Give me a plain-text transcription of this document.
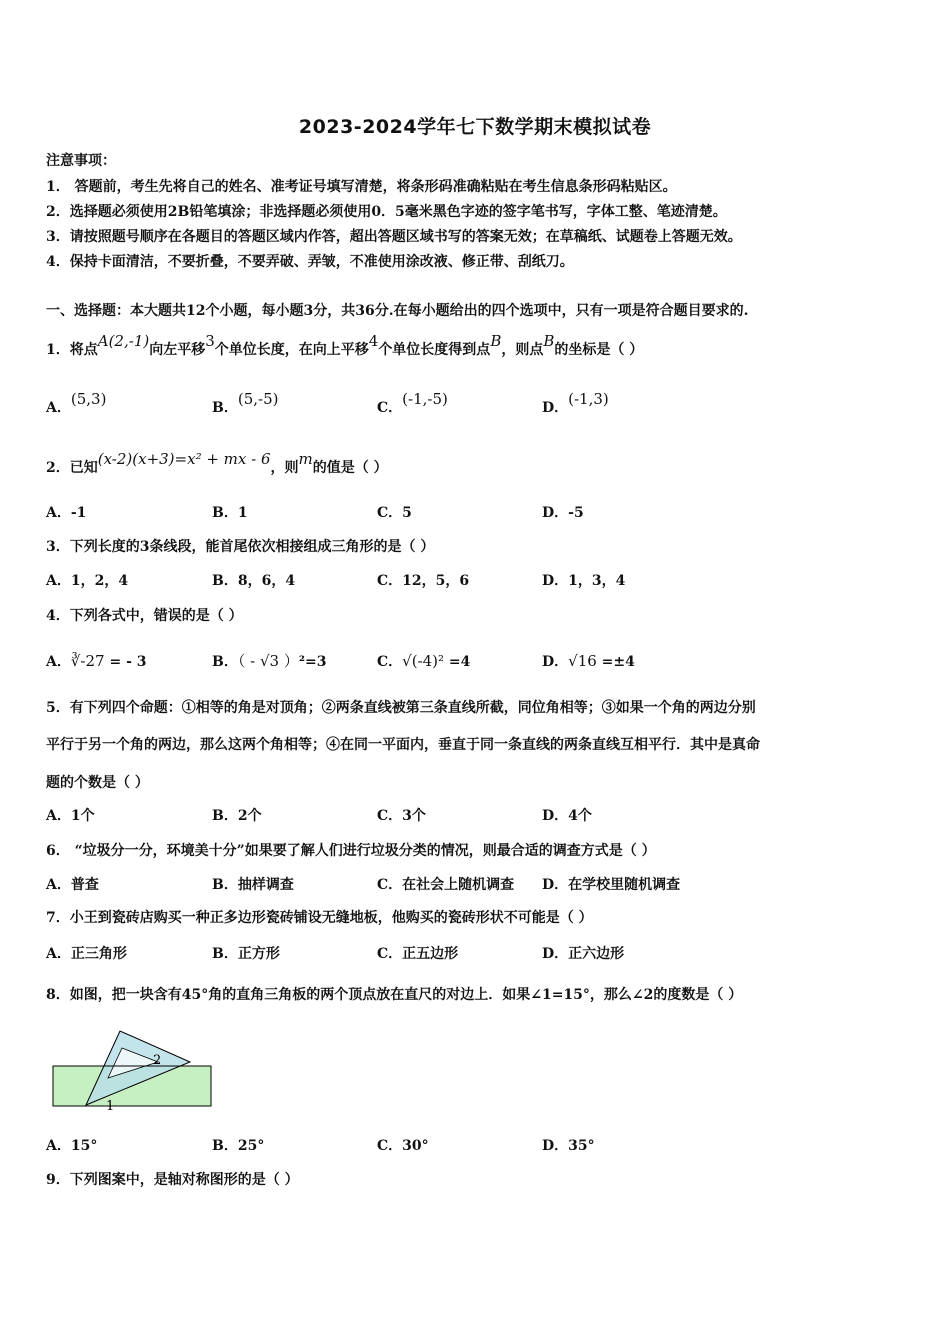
2023-2024学年七下数学期末模拟试卷
注意事项：
1． 答题前，考生先将自己的姓名、准考证号填写清楚，将条形码准确粘贴在考生信息条形码粘贴区。
2．选择题必须使用2B铅笔填涂；非选择题必须使用0．5毫米黑色字迹的签字笔书写，字体工整、笔迹清楚。
3．请按照题号顺序在各题目的答题区域内作答，超出答题区域书写的答案无效；在草稿纸、试题卷上答题无效。
4．保持卡面清洁，不要折叠，不要弄破、弄皱，不准使用涂改液、修正带、刮纸刀。
一、选择题：本大题共12个小题，每小题3分，共36分.在每小题给出的四个选项中，只有一项是符合题目要求的.
1．将点A(2,-1)向左平移3个单位长度，在向上平移4个单位长度得到点B，则点B的坐标是（ ）
A．(5,3)	B．(5,-5)	C．(-1,-5)	D．(-1,3)
2．已知(x-2)(x+3)=x² + mx - 6，则m的值是（ ）
A．-1	B．1	C．5	D．-5
3．下列长度的3条线段，能首尾依次相接组成三角形的是（ ）
A．1，2，4	B．8，6，4	C．12，5，6	D．1，3，4
4．下列各式中，错误的是（ ）
A．∛-27 = - 3	B．（ - √3 ）²=3	C．√(-4)² =4	D．√16 =±4
5．有下列四个命题：①相等的角是对顶角；②两条直线被第三条直线所截，同位角相等；③如果一个角的两边分别
平行于另一个角的两边，那么这两个角相等；④在同一平面内，垂直于同一条直线的两条直线互相平行．其中是真命
题的个数是（ ）
A．1个	B．2个	C．3个	D．4个
6． “垃圾分一分，环境美十分”如果要了解人们进行垃圾分类的情况，则最合适的调查方式是（ ）
A．普查	B．抽样调查	C．在社会上随机调查 D．在学校里随机调查
7．小王到瓷砖店购买一种正多边形瓷砖铺设无缝地板，他购买的瓷砖形状不可能是（ ）
A．正三角形	B．正方形	C．正五边形	D．正六边形
8．如图，把一块含有45°角的直角三角板的两个顶点放在直尺的对边上．如果∠1=15°，那么∠2的度数是（ ）
2
1
A．15°	B．25°	C．30°	D．35°
9．下列图案中，是轴对称图形的是（ ）
